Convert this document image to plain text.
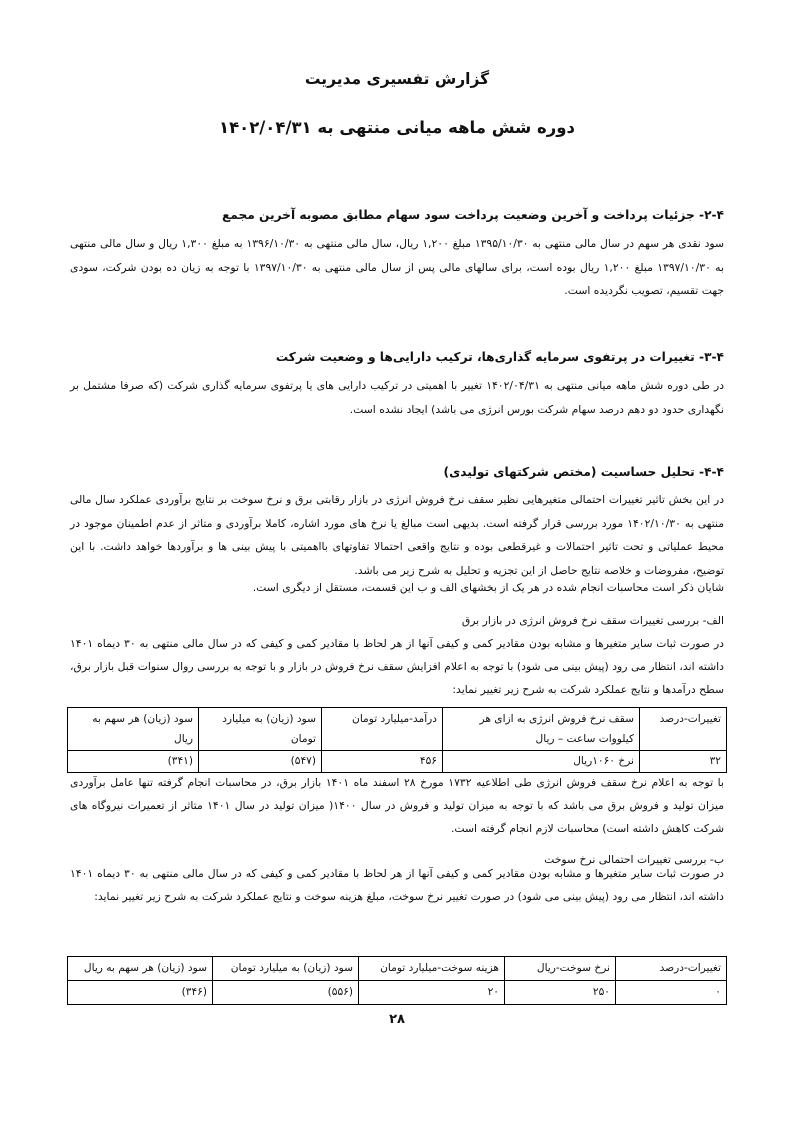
گزارش تفسیری مدیریت
دوره شش ماهه میانی منتهی به ۱۴۰۲/۰۴/۳۱
۲-۴- جزئیات پرداخت و آخرین وضعیت پرداخت سود سهام مطابق مصوبه آخرین مجمع
سود نقدی هر سهم در سال مالی منتهی به ۱۳۹۵/۱۰/۳۰ مبلغ ۱,۲۰۰ ریال، سال مالی منتهی به ۱۳۹۶/۱۰/۳۰ به مبلغ ۱,۳۰۰ ریال و سال مالی منتهی به ۱۳۹۷/۱۰/۳۰ مبلغ ۱,۲۰۰ ریال بوده است، برای سالهای مالی پس از سال مالی منتهی به ۱۳۹۷/۱۰/۳۰ با توجه به زیان ده بودن شرکت، سودی جهت تقسیم، تصویب نگردیده است.
۳-۴- تغییرات در پرتفوی سرمایه گذاری‌ها، ترکیب دارایی‌ها و وضعیت شرکت
در طی دوره شش ماهه میانی منتهی به ۱۴۰۲/۰۴/۳۱ تغییر با اهمیتی در ترکیب دارایی های یا پرتفوی سرمایه گذاری شرکت (که صرفا مشتمل بر نگهداری حدود دو دهم درصد سهام شرکت بورس انرژی می باشد) ایجاد نشده است.
۴-۴- تحلیل حساسیت (مختص شرکتهای تولیدی)
در این بخش تاثیر تغییرات احتمالی متغیرهایی نظیر سقف نرخ فروش انرژی در بازار رقابتی برق و نرخ سوخت بر نتایج برآوردی عملکرد سال مالی منتهی به ۱۴۰۲/۱۰/۳۰ مورد بررسی قرار گرفته است. بدیهی است مبالغ یا نرخ های مورد اشاره، کاملا برآوردی و متاثر از عدم اطمینان موجود در محیط عملیاتی و تحت تاثیر احتمالات و غیرقطعی بوده و نتایج واقعی احتمالا تفاوتهای بااهمیتی با پیش بینی ها و برآوردها خواهد داشت. با این توضیح، مفروضات و خلاصه نتایج حاصل از این تجزیه و تحلیل به شرح زیر می باشد.
شایان ذکر است محاسبات انجام شده در هر یک از بخشهای الف و ب این قسمت، مستقل از دیگری است.
الف- بررسی تغییرات سقف نرخ فروش انرژی در بازار برق
در صورت ثبات سایر متغیرها و مشابه بودن مقادیر کمی و کیفی آنها از هر لحاظ با مقادیر کمی و کیفی که در سال مالی منتهی به ۳۰ دیماه ۱۴۰۱ داشته اند، انتظار می رود (پیش بینی می شود) با توجه به اعلام افزایش سقف نرخ فروش در بازار و با توجه به بررسی روال سنوات قبل بازار برق، سطح درآمدها و نتایج عملکرد شرکت به شرح زیر تغییر نماید:
تغییرات-درصد	سقف نرخ فروش انرژی به ازای هر کیلووات ساعت – ریال	درآمد-میلیارد تومان	سود (زیان) به میلیارد تومان	سود (زیان) هر سهم به ریال
۳۲	نرخ ۱۰۶۰ریال	۴۵۶	(۵۴۷)	(۳۴۱)
با توجه به اعلام نرخ سقف فروش انرژی طی اطلاعیه ۱۷۳۲ مورخ ۲۸ اسفند ماه ۱۴۰۱ بازار برق، در محاسبات انجام گرفته تنها عامل برآوردی میزان تولید و فروش برق می باشد که با توجه به میزان تولید و فروش در سال ۱۴۰۰( میزان تولید در سال ۱۴۰۱ متاثر از تعمیرات نیروگاه های شرکت کاهش داشته است) محاسبات لازم انجام گرفته است.
ب- بررسی تغییرات احتمالی نرخ سوخت
در صورت ثبات سایر متغیرها و مشابه بودن مقادیر کمی و کیفی آنها از هر لحاظ با مقادیر کمی و کیفی که در سال مالی منتهی به ۳۰ دیماه ۱۴۰۱ داشته اند، انتظار می رود (پیش بینی می شود) در صورت تغییر نرخ سوخت، مبلغ هزینه سوخت و نتایج عملکرد شرکت به شرح زیر تغییر نماید:
تغییرات-درصد	نرخ سوخت-ریال	هزینه سوخت-میلیارد تومان	سود (زیان) به میلیارد تومان	سود (زیان) هر سهم به ریال
۰	۲۵۰	۲۰	(۵۵۶)	(۳۴۶)
۲۸
